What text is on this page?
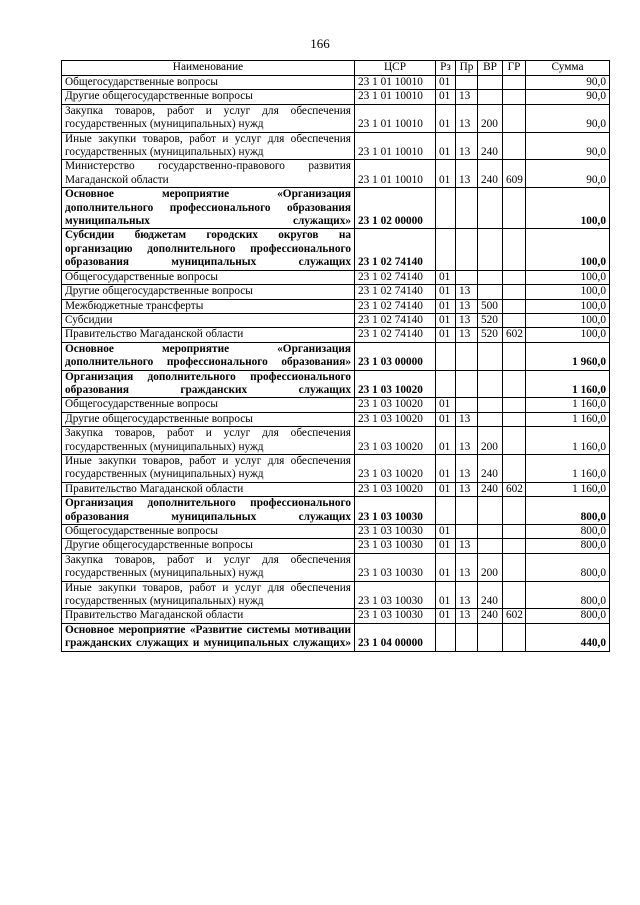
166
Наименование	ЦСР	Рз	Пр	ВР	ГР	Сумма
Общегосударственные вопросы	23 1 01 10010	01				90,0
Другие общегосударственные вопросы	23 1 01 10010	01	13			90,0
Закупка товаров, работ и услуг для обеспечения государственных (муниципальных) нужд	23 1 01 10010	01	13	200		90,0
Иные закупки товаров, работ и услуг для обеспечения государственных (муниципальных) нужд	23 1 01 10010	01	13	240		90,0
Министерство государственно-правового развития Магаданской области	23 1 01 10010	01	13	240	609	90,0
Основное мероприятие «Организация дополнительного профессионального образования муниципальных служащих»	23 1 02 00000					100,0
Субсидии бюджетам городских округов на организацию дополнительного профессионального образования муниципальных служащих	23 1 02 74140					100,0
Общегосударственные вопросы	23 1 02 74140	01				100,0
Другие общегосударственные вопросы	23 1 02 74140	01	13			100,0
Межбюджетные трансферты	23 1 02 74140	01	13	500		100,0
Субсидии	23 1 02 74140	01	13	520		100,0
Правительство Магаданской области	23 1 02 74140	01	13	520	602	100,0
Основное мероприятие «Организация дополнительного профессионального образования»	23 1 03 00000					1 960,0
Организация дополнительного профессионального образования гражданских служащих	23 1 03 10020					1 160,0
Общегосударственные вопросы	23 1 03 10020	01				1 160,0
Другие общегосударственные вопросы	23 1 03 10020	01	13			1 160,0
Закупка товаров, работ и услуг для обеспечения государственных (муниципальных) нужд	23 1 03 10020	01	13	200		1 160,0
Иные закупки товаров, работ и услуг для обеспечения государственных (муниципальных) нужд	23 1 03 10020	01	13	240		1 160,0
Правительство Магаданской области	23 1 03 10020	01	13	240	602	1 160,0
Организация дополнительного профессионального образования муниципальных служащих	23 1 03 10030					800,0
Общегосударственные вопросы	23 1 03 10030	01				800,0
Другие общегосударственные вопросы	23 1 03 10030	01	13			800,0
Закупка товаров, работ и услуг для обеспечения государственных (муниципальных) нужд	23 1 03 10030	01	13	200		800,0
Иные закупки товаров, работ и услуг для обеспечения государственных (муниципальных) нужд	23 1 03 10030	01	13	240		800,0
Правительство Магаданской области	23 1 03 10030	01	13	240	602	800,0
Основное мероприятие «Развитие системы мотивации гражданских служащих и муниципальных служащих»	23 1 04 00000					440,0
